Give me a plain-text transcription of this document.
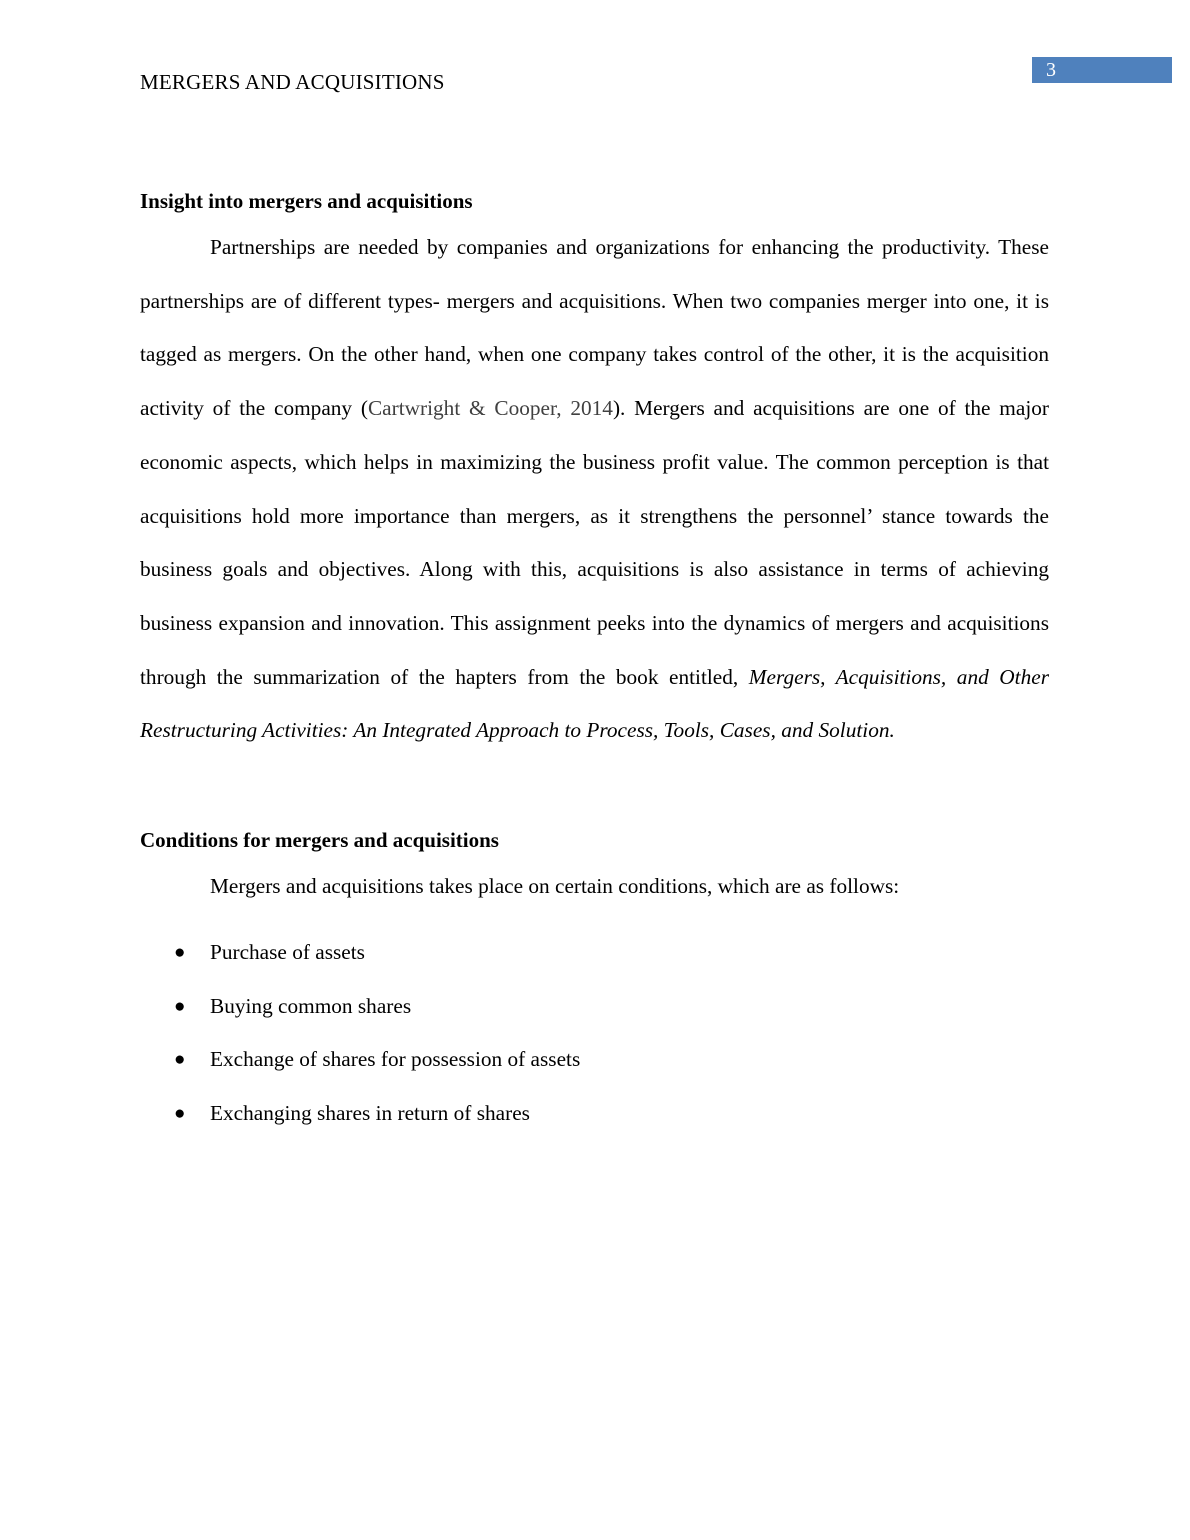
3
MERGERS AND ACQUISITIONS
Insight into mergers and acquisitions

Partnerships are needed by companies and organizations for enhancing the productivity. These partnerships are of different types- mergers and acquisitions. When two companies merger into one, it is tagged as mergers. On the other hand, when one company takes control of the other, it is the acquisition activity of the company (Cartwright & Cooper, 2014). Mergers and acquisitions are one of the major economic aspects, which helps in maximizing the business profit value. The common perception is that acquisitions hold more importance than mergers, as it strengthens the personnel’ stance towards the business goals and objectives. Along with this, acquisitions is also assistance in terms of achieving business expansion and innovation. This assignment peeks into the dynamics of mergers and acquisitions through the summarization of the hapters from the book entitled, Mergers, Acquisitions, and Other Restructuring Activities: An Integrated Approach to Process, Tools, Cases, and Solution.

Conditions for mergers and acquisitions

Mergers and acquisitions takes place on certain conditions, which are as follows:

● Purchase of assets
● Buying common shares
● Exchange of shares for possession of assets
● Exchanging shares in return of shares
